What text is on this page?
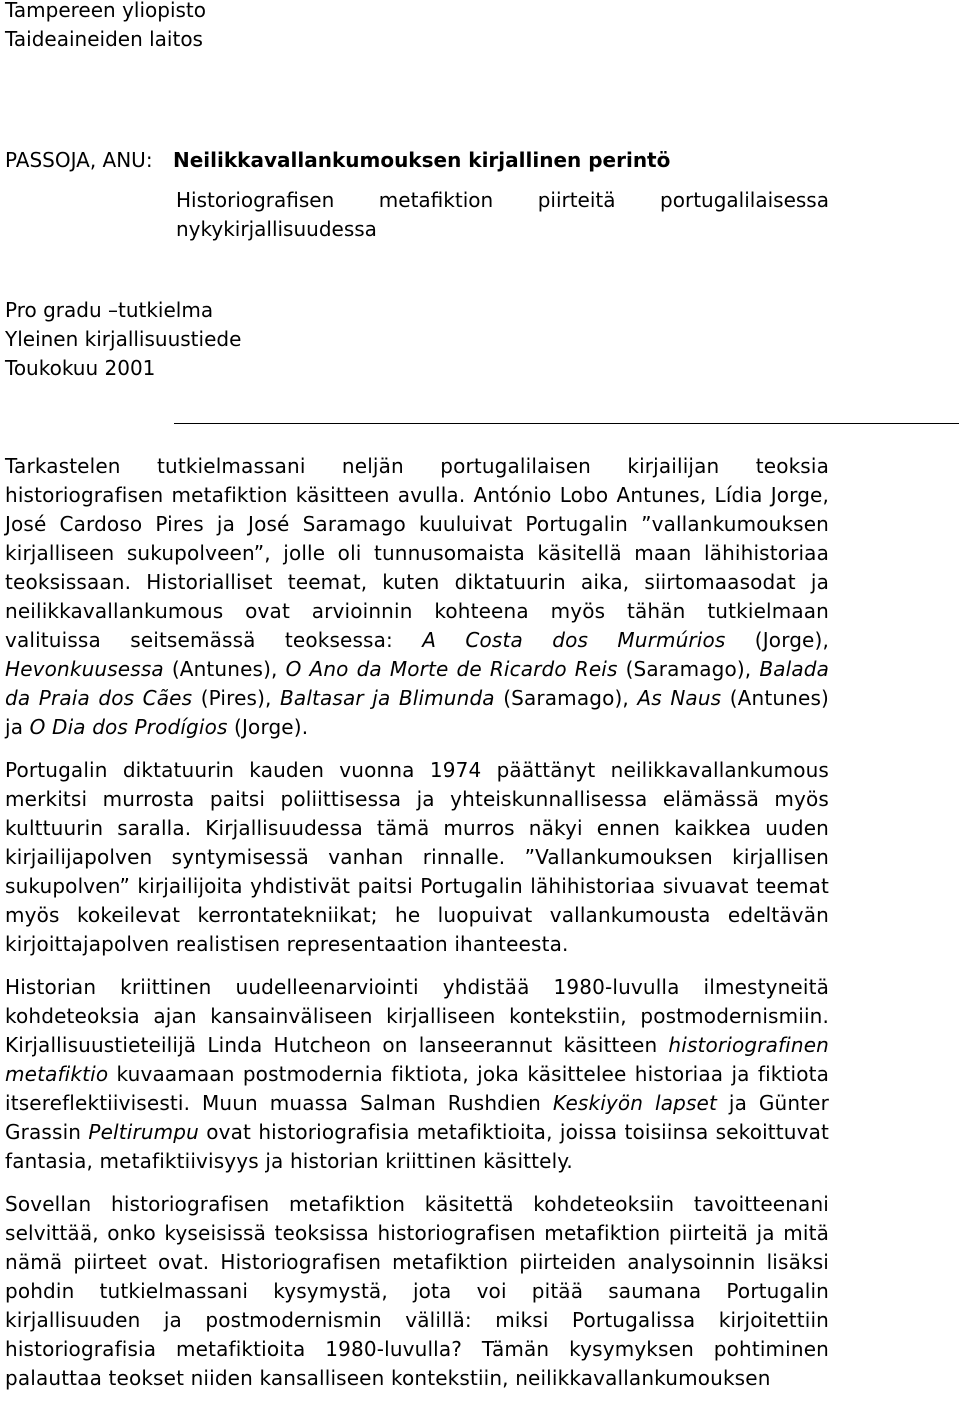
Tampereen yliopisto
Taideaineiden laitos
PASSOJA, ANU: Neilikkavallankumouksen kirjallinen perintö
Historiografisen metafiktion piirteitä portugalilaisessa
nykykirjallisuudessa
Pro gradu –tutkielma
Yleinen kirjallisuustiede
Toukokuu 2001

Tarkastelen tutkielmassani neljän portugalilaisen kirjailijan teoksia historiografisen metafiktion käsitteen avulla. António Lobo Antunes, Lídia Jorge, José Cardoso Pires ja José Saramago kuuluivat Portugalin ”vallankumouksen kirjalliseen sukupolveen”, jolle oli tunnusomaista käsitellä maan lähihistoriaa teoksissaan. Historialliset teemat, kuten diktatuurin aika, siirtomaasodat ja neilikkavallankumous ovat arvioinnin kohteena myös tähän tutkielmaan valituissa seitsemässä teoksessa: A Costa dos Murmúrios (Jorge), Hevonkuusessa (Antunes), O Ano da Morte de Ricardo Reis (Saramago), Balada da Praia dos Cães (Pires), Baltasar ja Blimunda (Saramago), As Naus (Antunes) ja O Dia dos Prodígios (Jorge).

Portugalin diktatuurin kauden vuonna 1974 päättänyt neilikkavallankumous merkitsi murrosta paitsi poliittisessa ja yhteiskunnallisessa elämässä myös kulttuurin saralla. Kirjallisuudessa tämä murros näkyi ennen kaikkea uuden kirjailijapolven syntymisessä vanhan rinnalle. ”Vallankumouksen kirjallisen sukupolven” kirjailijoita yhdistivät paitsi Portugalin lähihistoriaa sivuavat teemat myös kokeilevat kerrontatekniikat; he luopuivat vallankumousta edeltävän kirjoittajapolven realistisen representaation ihanteesta.

Historian kriittinen uudelleenarviointi yhdistää 1980-luvulla ilmestyneitä kohdeteoksia ajan kansainväliseen kirjalliseen kontekstiin, postmodernismiin. Kirjallisuustieteilijä Linda Hutcheon on lanseerannut käsitteen historiografinen metafiktio kuvaamaan postmodernia fiktiota, joka käsittelee historiaa ja fiktiota itsereflektiivisesti. Muun muassa Salman Rushdien Keskiyön lapset ja Günter Grassin Peltirumpu ovat historiografisia metafiktioita, joissa toisiinsa sekoittuvat fantasia, metafiktiivisyys ja historian kriittinen käsittely.

Sovellan historiografisen metafiktion käsitettä kohdeteoksiin tavoitteenani selvittää, onko kyseisissä teoksissa historiografisen metafiktion piirteitä ja mitä nämä piirteet ovat. Historiografisen metafiktion piirteiden analysoinnin lisäksi pohdin tutkielmassani kysymystä, jota voi pitää saumana Portugalin kirjallisuuden ja postmodernismin välillä: miksi Portugalissa kirjoitettiin historiografisia metafiktioita 1980-luvulla? Tämän kysymyksen pohtiminen palauttaa teokset niiden kansalliseen kontekstiin, neilikkavallankumouksen
